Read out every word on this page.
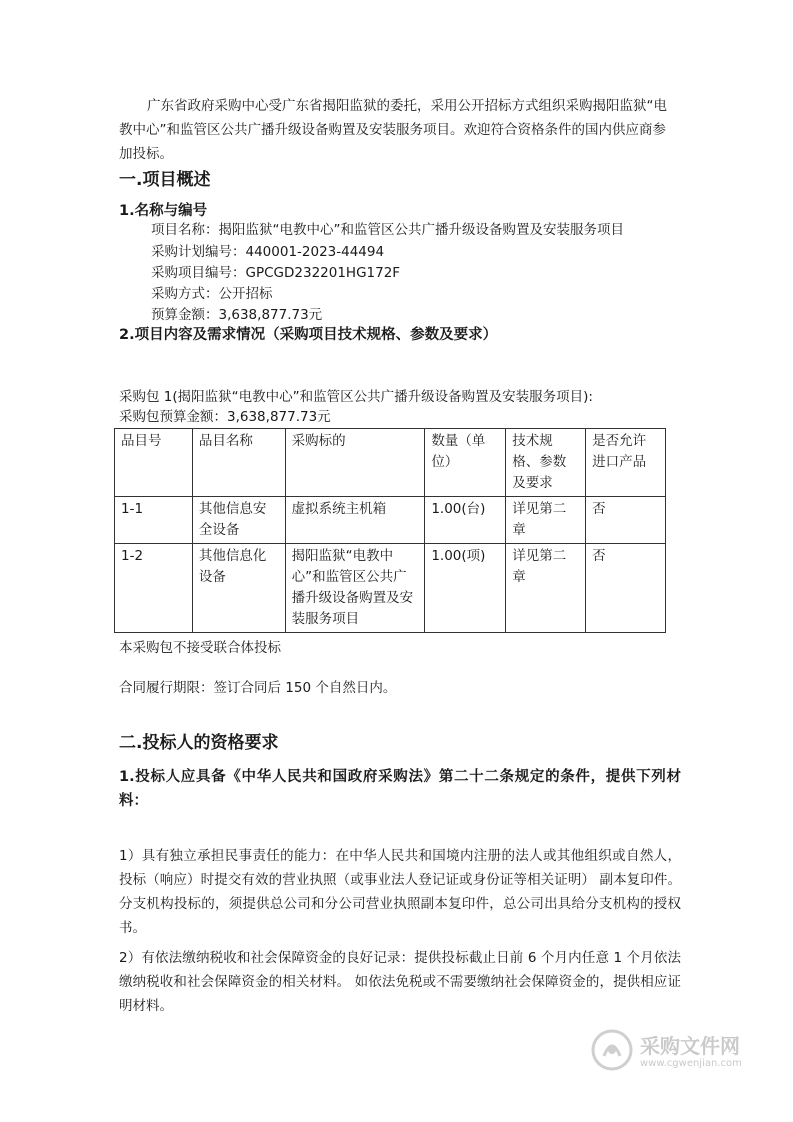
广东省政府采购中心受广东省揭阳监狱的委托，采用公开招标方式组织采购揭阳监狱“电教中心”和监管区公共广播升级设备购置及安装服务项目。欢迎符合资格条件的国内供应商参加投标。
一.项目概述
1.名称与编号
项目名称：揭阳监狱“电教中心”和监管区公共广播升级设备购置及安装服务项目
采购计划编号：440001-2023-44494
采购项目编号：GPCGD232201HG172F
采购方式：公开招标
预算金额：3,638,877.73元
2.项目内容及需求情况（采购项目技术规格、参数及要求）
采购包 1(揭阳监狱“电教中心”和监管区公共广播升级设备购置及安装服务项目):
采购包预算金额：3,638,877.73元
品目号	品目名称	采购标的	数量（单位）	技术规格、参数及要求	是否允许进口产品
1-1	其他信息安全设备	虚拟系统主机箱	1.00(台)	详见第二章	否
1-2	其他信息化设备	揭阳监狱“电教中心”和监管区公共广播升级设备购置及安装服务项目	1.00(项)	详见第二章	否
本采购包不接受联合体投标
合同履行期限：签订合同后 150 个自然日内。
二.投标人的资格要求
1.投标人应具备《中华人民共和国政府采购法》第二十二条规定的条件，提供下列材料：
1）具有独立承担民事责任的能力：在中华人民共和国境内注册的法人或其他组织或自然人，投标（响应）时提交有效的营业执照（或事业法人登记证或身份证等相关证明） 副本复印件。分支机构投标的，须提供总公司和分公司营业执照副本复印件，总公司出具给分支机构的授权书。
2）有依法缴纳税收和社会保障资金的良好记录：提供投标截止日前 6 个月内任意 1 个月依法缴纳税收和社会保障资金的相关材料。 如依法免税或不需要缴纳社会保障资金的，提供相应证明材料。
采购文件网
www.cgwenjian.com
